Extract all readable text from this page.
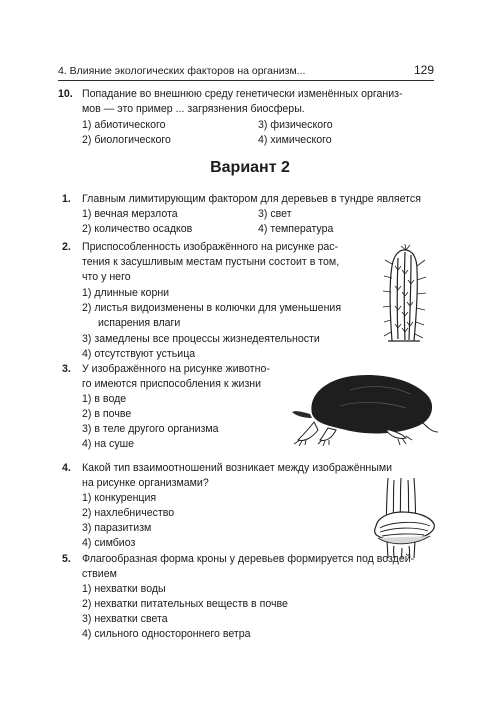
4. Влияние экологических факторов на организм...	129
10. Попадание во внешнюю среду генетически изменённых организ-
мов — это пример ... загрязнения биосферы.
1) абиотического	3) физического
2) биологического	4) химического
Вариант 2
1. Главным лимитирующим фактором для деревьев в тундре является
1) вечная мерзлота	3) свет
2) количество осадков	4) температура
2. Приспособленность изображённого на рисунке рас-
тения к засушливым местам пустыни состоит в том,
что у него
1) длинные корни
2) листья видоизменены в колючки для уменьшения
испарения влаги
3) замедлены все процессы жизнедеятельности
4) отсутствуют устьица
3. У изображённого на рисунке животно-
го имеются приспособления к жизни
1) в воде
2) в почве
3) в теле другого организма
4) на суше
4. Какой тип взаимоотношений возникает между изображёнными
на рисунке организмами?
1) конкуренция
2) нахлебничество
3) паразитизм
4) симбиоз
5. Флагообразная форма кроны у деревьев формируется под воздей-
ствием
1) нехватки воды
2) нехватки питательных веществ в почве
3) нехватки света
4) сильного одностороннего ветра
